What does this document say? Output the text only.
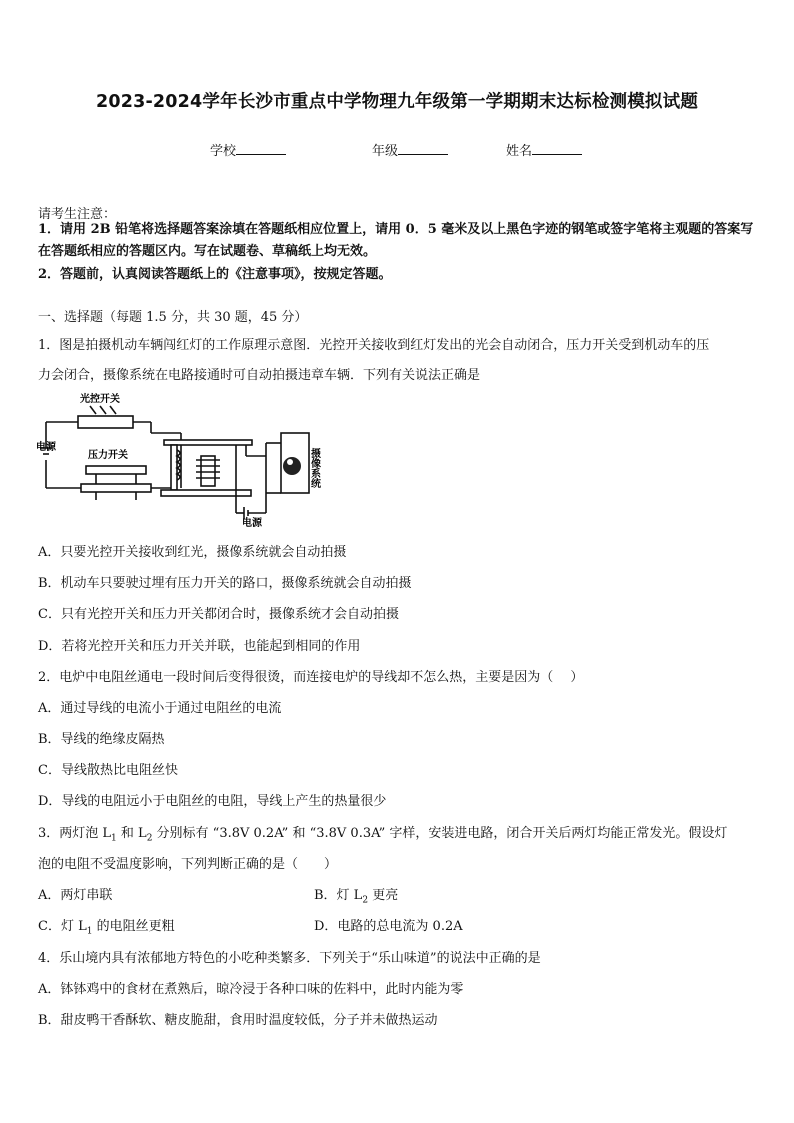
2023-2024学年长沙市重点中学物理九年级第一学期期末达标检测模拟试题
学校	年级	姓名
请考生注意：
1．请用 2B 铅笔将选择题答案涂填在答题纸相应位置上，请用 0．5 毫米及以上黑色字迹的钢笔或签字笔将主观题的答案写在答题纸相应的答题区内。写在试题卷、草稿纸上均无效。
2．答题前，认真阅读答题纸上的《注意事项》，按规定答题。
一、选择题（每题 1.5 分，共 30 题，45 分）
1．图是拍摄机动车辆闯红灯的工作原理示意图．光控开关接收到红灯发出的光会自动闭合，压力开关受到机动车的压
力会闭合，摄像系统在电路接通时可自动拍摄违章车辆．下列有关说法正确是
光控开关
电源
压力开关
电源
摄像系统
A．只要光控开关接收到红光，摄像系统就会自动拍摄
B．机动车只要驶过埋有压力开关的路口，摄像系统就会自动拍摄
C．只有光控开关和压力开关都闭合时，摄像系统才会自动拍摄
D．若将光控开关和压力开关并联，也能起到相同的作用
2．电炉中电阻丝通电一段时间后变得很烫，而连接电炉的导线却不怎么热，主要是因为（　 ）
A．通过导线的电流小于通过电阻丝的电流
B．导线的绝缘皮隔热
C．导线散热比电阻丝快
D．导线的电阻远小于电阻丝的电阻，导线上产生的热量很少
3．两灯泡 $L_1$ 和 $L_2$ 分别标有 “3.8V 0.2A” 和 “3.8V 0.3A” 字样，安装进电路，闭合开关后两灯均能正常发光。假设灯
泡的电阻不受温度影响，下列判断正确的是（　　）
A．两灯串联	B．灯 $L_2$ 更亮
C．灯 $L_1$ 的电阻丝更粗	D．电路的总电流为 0.2A
4．乐山境内具有浓郁地方特色的小吃种类繁多．下列关于“乐山味道”的说法中正确的是
A．钵钵鸡中的食材在煮熟后，晾冷浸于各种口味的佐料中，此时内能为零
B．甜皮鸭干香酥软、糖皮脆甜，食用时温度较低，分子并未做热运动
